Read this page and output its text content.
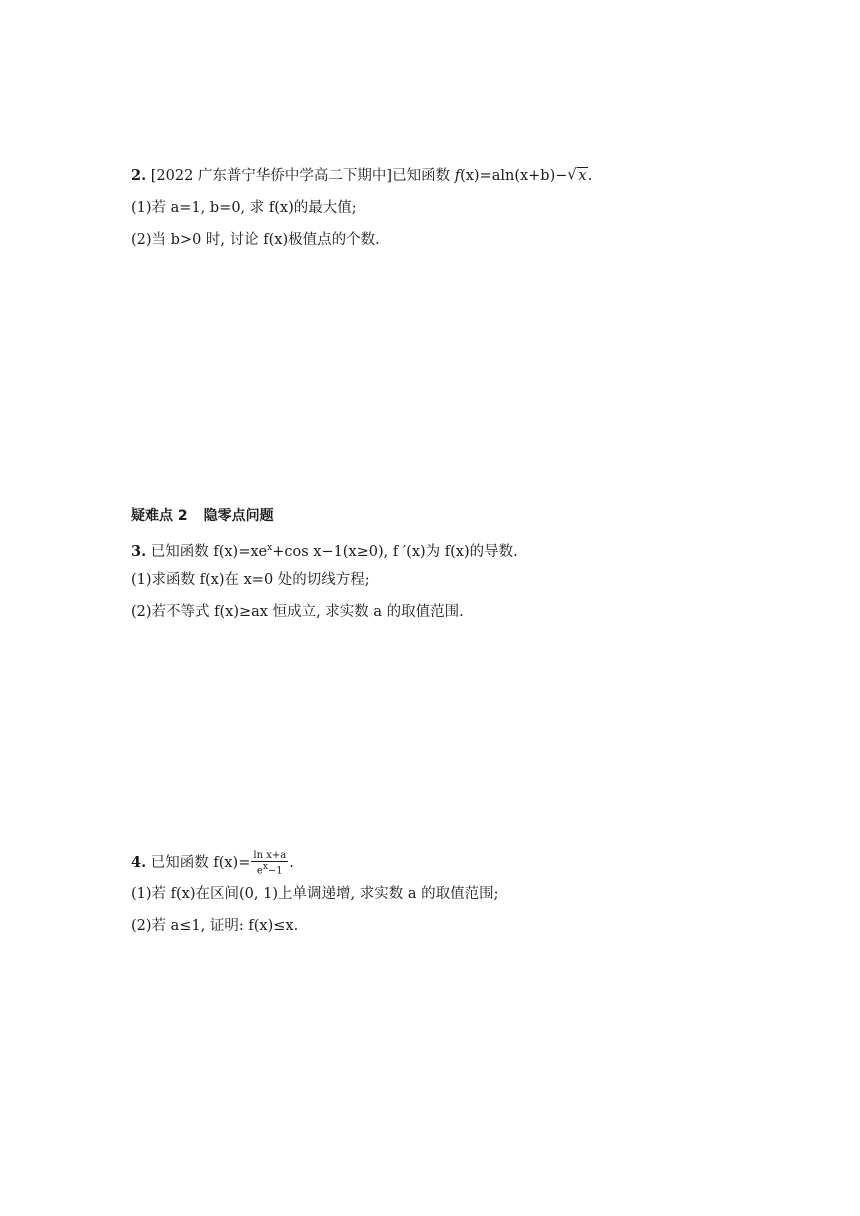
2. [2022 广东普宁华侨中学高二下期中]已知函数 f(x)=aln(x+b)− √ x.
(1)若 a=1, b=0, 求 f(x)的最大值;
(2)当 b>0 时, 讨论 f(x)极值点的个数.
疑难点 2 隐零点问题
3. 已知函数 $f(x)=xe^x+\cos$ x−1(x≥0), f ′(x)为 f(x)的导数.
(1)求函数 f(x)在 x=0 处的切线方程;
(2)若不等式 f(x)≥ax 恒成立, 求实数 a 的取值范围.
4. 已知函数 $f(x)= \frac{\text{ln x+a}}{e^x-1}$ .
(1)若 f(x)在区间(0, 1)上单调递增, 求实数 a 的取值范围;
(2)若 a≤1, 证明: f(x)≤x.
